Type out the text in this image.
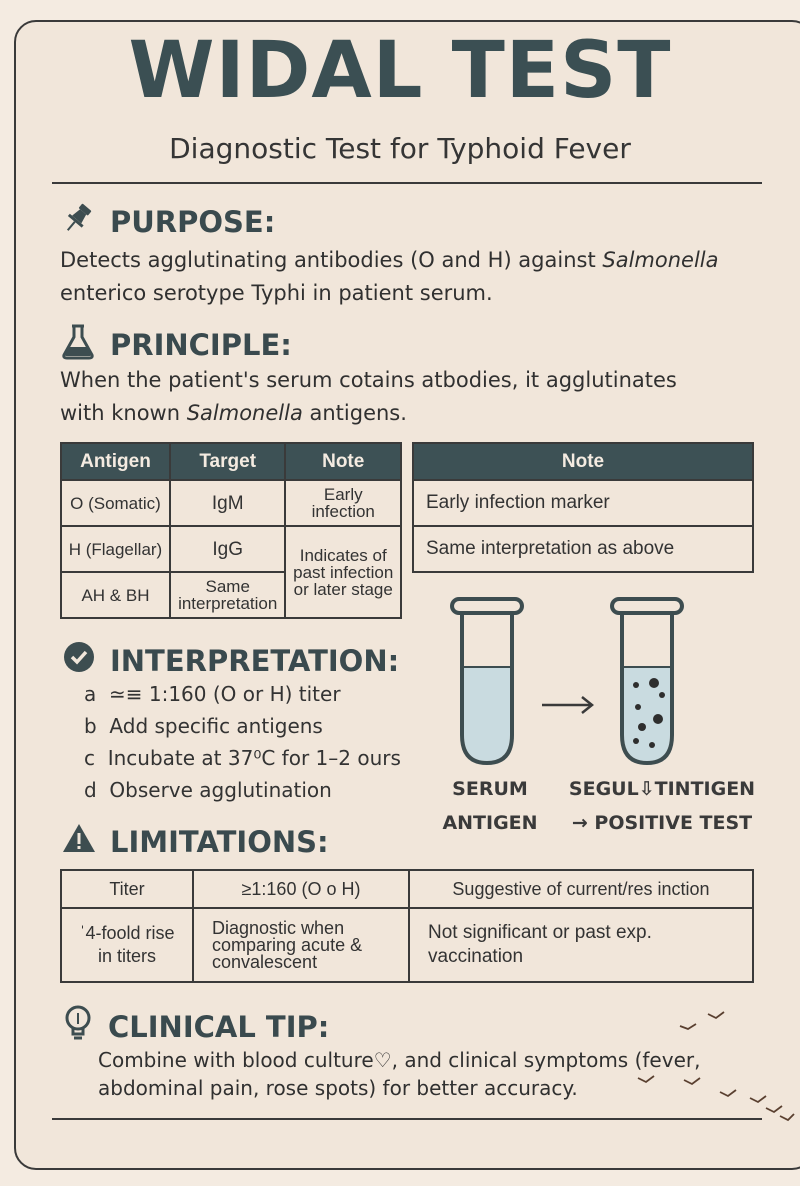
WIDAL TEST
Diagnostic Test for Typhoid Fever
PURPOSE:
Detects agglutinating antibodies (O and H) against Salmonella
enterico serotype Typhi in patient serum.
PRINCIPLE:
When the patient's serum cotains atbodies, it agglutinates
with known Salmonella antigens.
Antigen	Target	Note
O (Somatic)	IgM	Early infection
H (Flagellar)	IgG	Indicates of past infection or later stage
AH & BH	Same interpretation	
Note
Early infection marker
Same interpretation as above
INTERPRETATION:
a ≃≡ 1:160 (O or H) titer
b Add specific antigens
c Incubate at 37⁰C for 1–2 ours
d Observe agglutination	SERUM
ANTIGEN
SEGUL⇩TINTIGEN
→ POSITIVE TEST
LIMITATIONS:
Titer	≥1:160 (O o H)	Suggestive of current/res inction
ˈ4-foold rise in titers	Diagnostic when comparing acute & convalescent	Not significant or past exp. vaccination
CLINICAL TIP:
Combine with blood culture♡, and clinical symptoms (fever,
abdominal pain, rose spots) for better accuracy.
